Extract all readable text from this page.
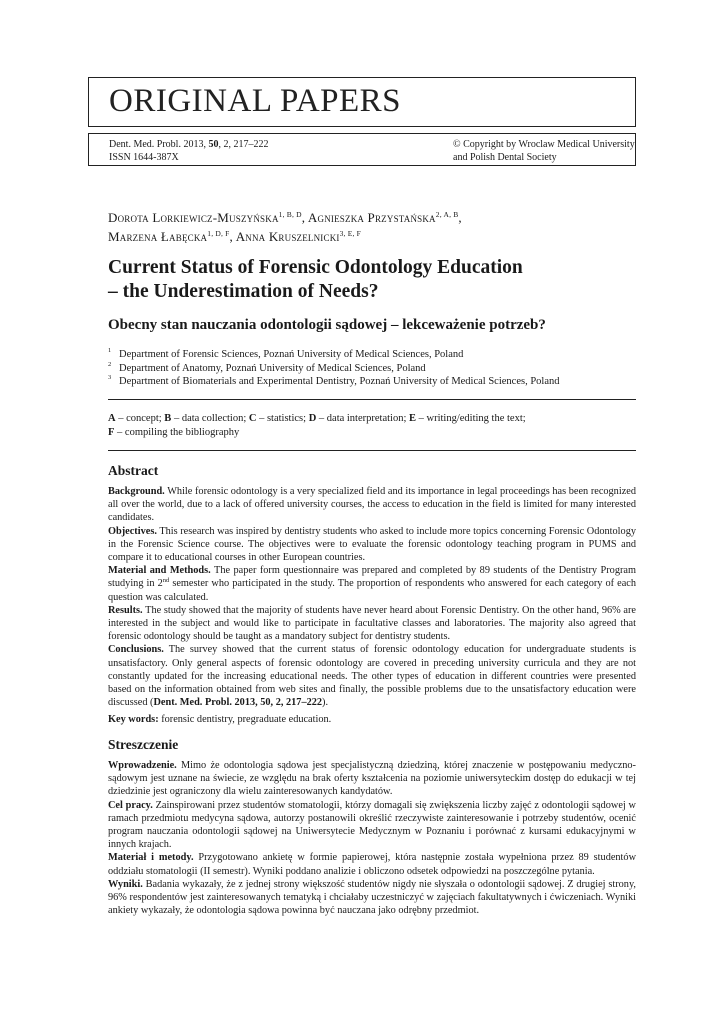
ORIGINAL PAPERS
Dent. Med. Probl. 2013, 50, 2, 217–222
ISSN 1644-387X
© Copyright by Wroclaw Medical University
and Polish Dental Society
Dorota Lorkiewicz-Muszyńska$^{1, B, D}$, Agnieszka Przystańska$^{2, A, B}$,
Marzena Łabęcka$^{1, D, F}$, Anna Kruszelnicki$^{3, E, F}$
Current Status of Forensic Odontology Education
– the Underestimation of Needs?
Obecny stan nauczania odontologii sądowej – lekceważenie potrzeb?
1 Department of Forensic Sciences, Poznań University of Medical Sciences, Poland
2 Department of Anatomy, Poznań University of Medical Sciences, Poland
3 Department of Biomaterials and Experimental Dentistry, Poznań University of Medical Sciences, Poland
A – concept; B – data collection; C – statistics; D – data interpretation; E – writing/editing the text;
F – compiling the bibliography
Abstract

Background. While forensic odontology is a very specialized field and its importance in legal proceedings has been recognized all over the world, due to a lack of offered university courses, the access to education in the field is limited for many interested candidates.

Objectives. This research was inspired by dentistry students who asked to include more topics concerning Forensic Odontology in the Forensic Science course. The objectives were to evaluate the forensic odontology teaching program in PUMS and compare it to educational courses in other European countries.

Material and Methods. The paper form questionnaire was prepared and completed by 89 students of the Dentistry Program studying in 2nd semester who participated in the study. The proportion of respondents who answered for each category of each question was calculated.

Results. The study showed that the majority of students have never heard about Forensic Dentistry. On the other hand, 96% are interested in the subject and would like to participate in facultative classes and laboratories. The majority also agreed that forensic odontology should be taught as a mandatory subject for dentistry students.

Conclusions. The survey showed that the current status of forensic odontology education for undergraduate students is unsatisfactory. Only general aspects of forensic odontology are covered in preceding university curricula and they are not constantly updated for the increasing educational needs. The other types of education in different countries were presented based on the information obtained from web sites and finally, the possible problems due to the unsatisfactory education were discussed (Dent. Med. Probl. 2013, 50, 2, 217–222).

Key words: forensic dentistry, pregraduate education.

Streszczenie

Wprowadzenie. Mimo że odontologia sądowa jest specjalistyczną dziedziną, której znaczenie w postępowaniu medyczno-sądowym jest uznane na świecie, ze względu na brak oferty kształcenia na poziomie uniwersyteckim dostęp do edukacji w tej dziedzinie jest ograniczony dla wielu zainteresowanych kandydatów.

Cel pracy. Zainspirowani przez studentów stomatologii, którzy domagali się zwiększenia liczby zajęć z odontologii sądowej w ramach przedmiotu medycyna sądowa, autorzy postanowili określić rzeczywiste zainteresowanie i potrzeby studentów, ocenić program nauczania odontologii sądowej na Uniwersytecie Medycznym w Poznaniu i porównać z kursami edukacyjnymi w innych krajach.

Materiał i metody. Przygotowano ankietę w formie papierowej, która następnie została wypełniona przez 89 studentów oddziału stomatologii (II semestr). Wyniki poddano analizie i obliczono odsetek odpowiedzi na poszczególne pytania.

Wyniki. Badania wykazały, że z jednej strony większość studentów nigdy nie słyszała o odontologii sądowej. Z drugiej strony, 96% respondentów jest zainteresowanych tematyką i chciałaby uczestniczyć w zajęciach fakultatywnych i ćwiczeniach. Wyniki ankiety wykazały, że odontologia sądowa powinna być nauczana jako odrębny przedmiot.
